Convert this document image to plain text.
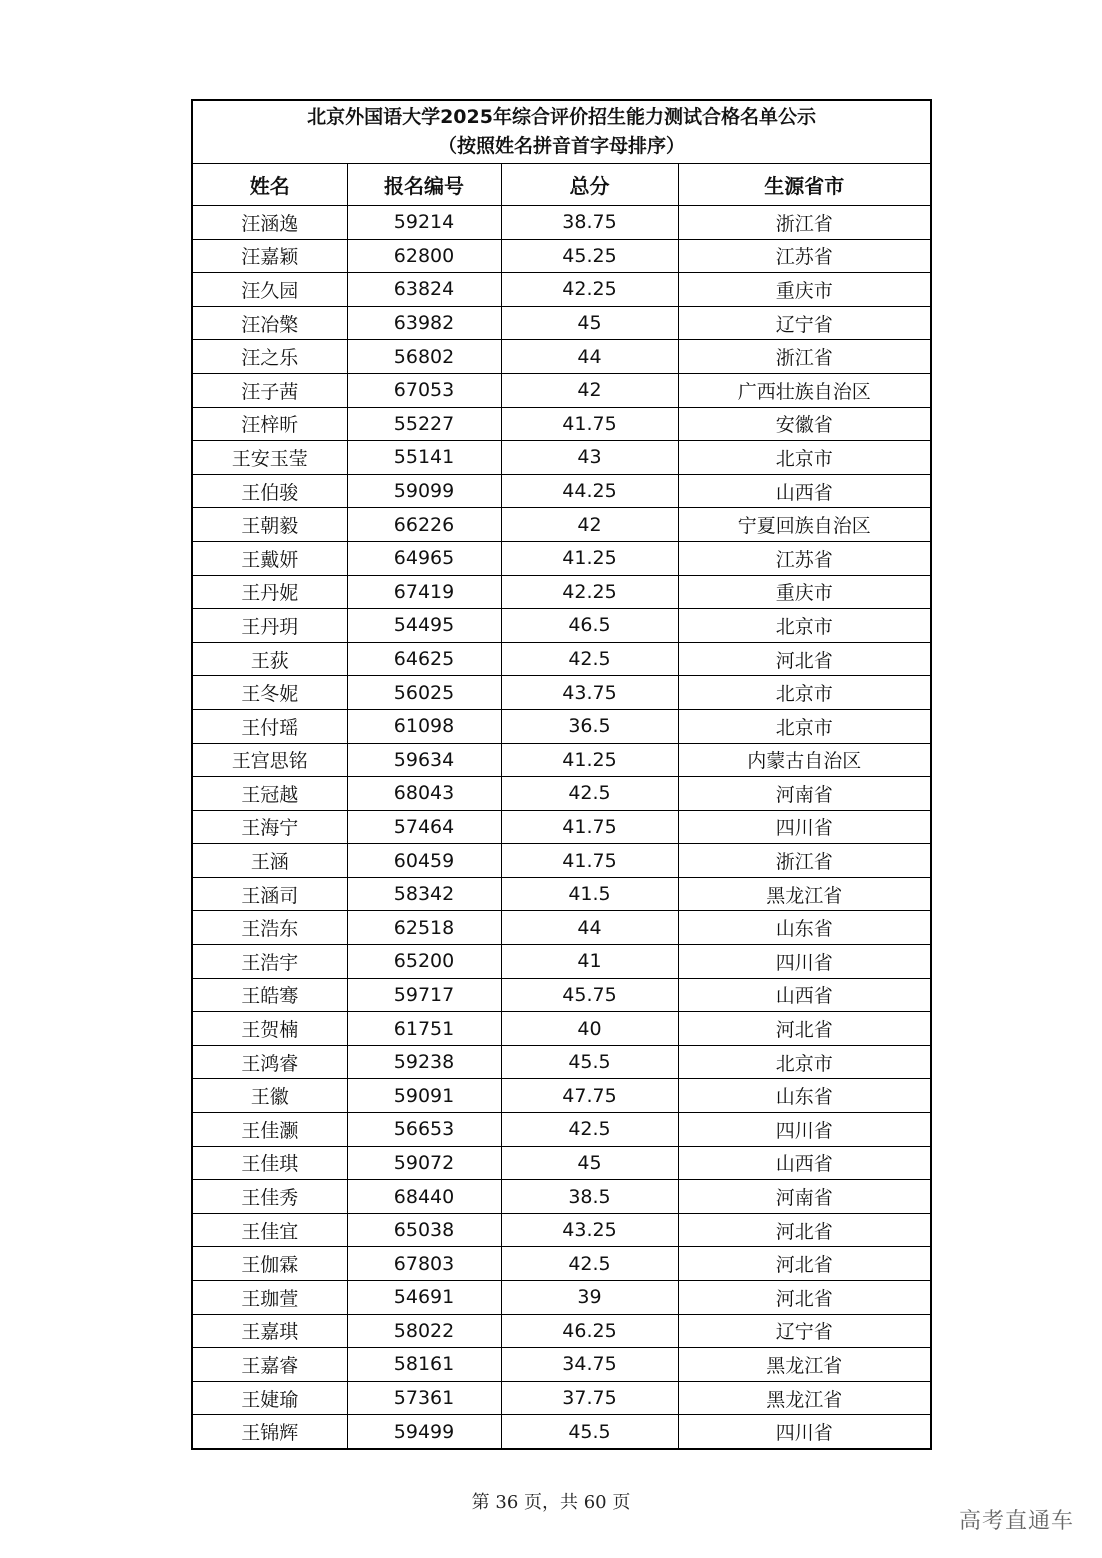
北京外国语大学2025年综合评价招生能力测试合格名单公示
（按照姓名拼音首字母排序）			

姓名	报名编号	总分	生源省市
汪涵逸	59214	38.75	浙江省
汪嘉颖	62800	45.25	江苏省
汪久园	63824	42.25	重庆市
汪冶檠	63982	45	辽宁省
汪之乐	56802	44	浙江省
汪子茜	67053	42	广西壮族自治区
汪梓昕	55227	41.75	安徽省
王安玉莹	55141	43	北京市
王伯骏	59099	44.25	山西省
王朝毅	66226	42	宁夏回族自治区
王戴妍	64965	41.25	江苏省
王丹妮	67419	42.25	重庆市
王丹玥	54495	46.5	北京市
王荻	64625	42.5	河北省
王冬妮	56025	43.75	北京市
王付瑶	61098	36.5	北京市
王宫思铭	59634	41.25	内蒙古自治区
王冠越	68043	42.5	河南省
王海宁	57464	41.75	四川省
王涵	60459	41.75	浙江省
王涵司	58342	41.5	黑龙江省
王浩东	62518	44	山东省
王浩宇	65200	41	四川省
王皓骞	59717	45.75	山西省
王贺楠	61751	40	河北省
王鸿睿	59238	45.5	北京市
王徽	59091	47.75	山东省
王佳灏	56653	42.5	四川省
王佳琪	59072	45	山西省
王佳秀	68440	38.5	河南省
王佳宜	65038	43.25	河北省
王伽霖	67803	42.5	河北省
王珈萱	54691	39	河北省
王嘉琪	58022	46.25	辽宁省
王嘉睿	58161	34.75	黑龙江省
王婕瑜	57361	37.75	黑龙江省
王锦辉	59499	45.5	四川省
第 36 页，共 60 页
高考直通车
